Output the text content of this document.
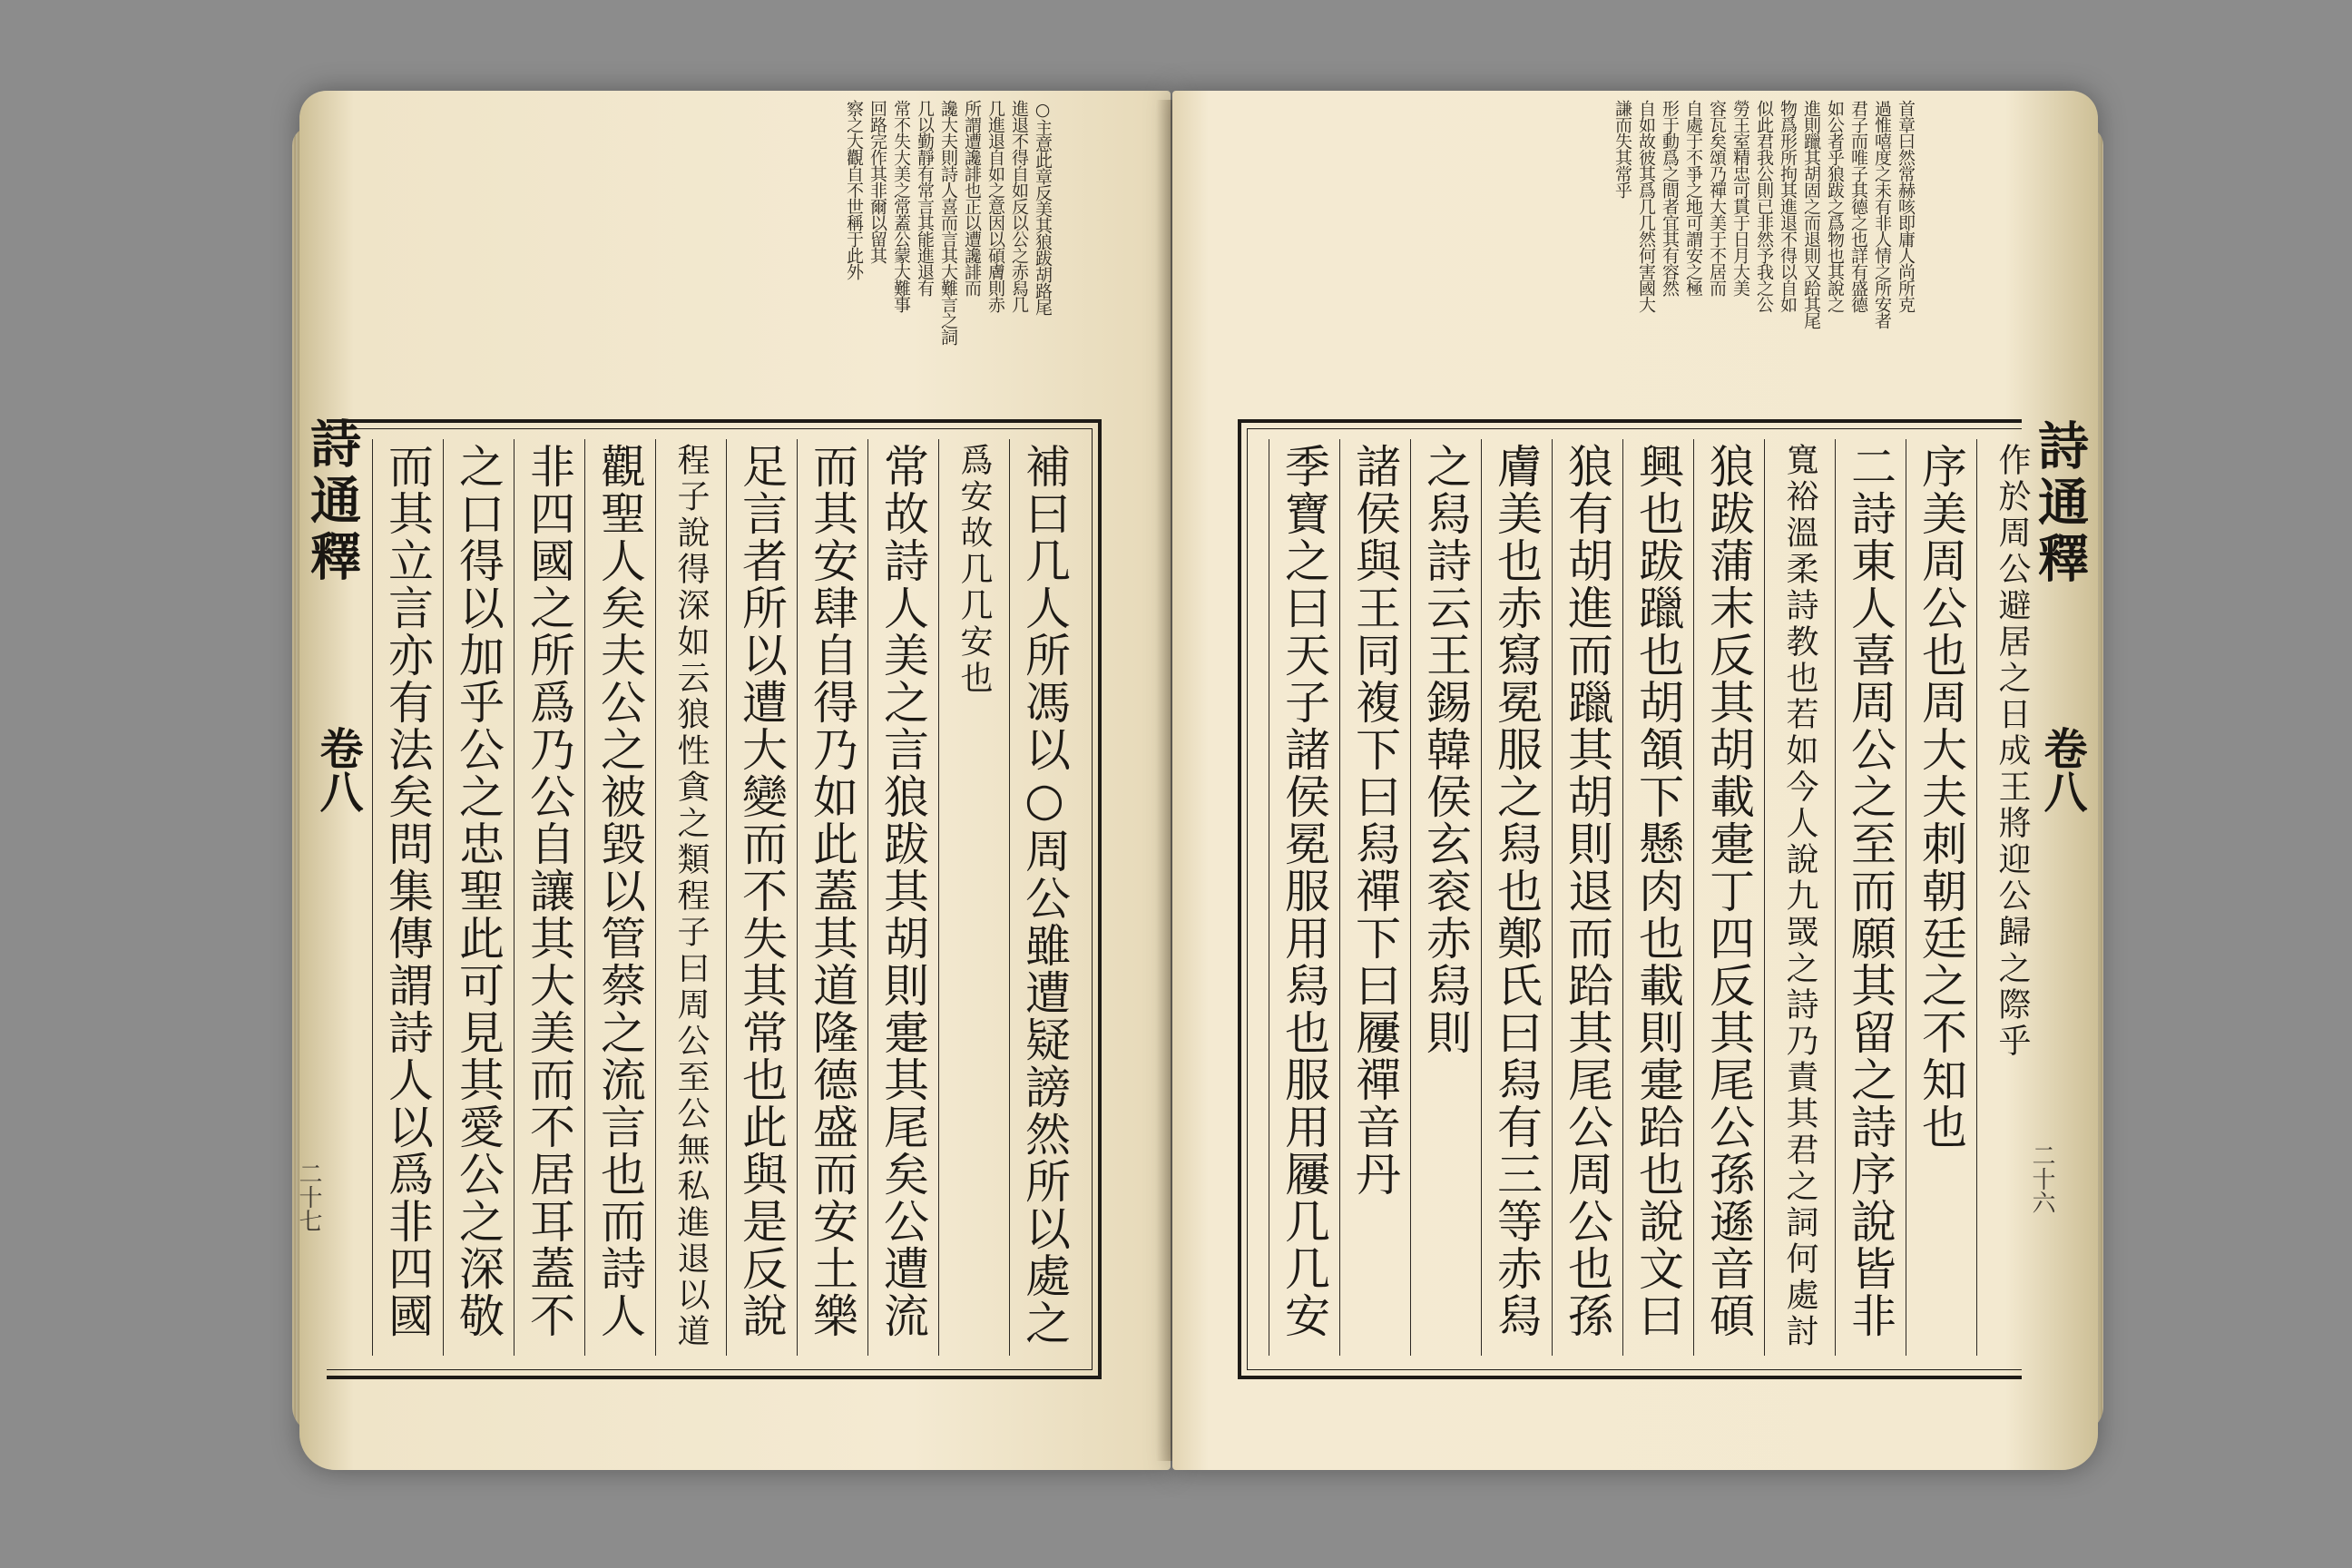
○主意此章反美其狼跋胡路尾
進退不得自如反以公之赤舄几
几進退自如之意因以碩膚則赤
所謂遭讒誹也正以遭讒誹而
讒大夫則詩人喜而言其大難言之詞
几以勤靜有常言其能進退有
常不失大美之常蓋公蒙大難事
回路完作其非爾以留其
察之大觀自不世稱于此外
詩通釋
卷八
二十七
補曰几人所馮以○周公雖遭疑謗然所以處之
爲安故几几安也
常故詩人美之言狼跋其胡則疐其尾矣公遭流
而其安肆自得乃如此蓋其道隆德盛而安土樂
足言者所以遭大變而不失其常也此與是反說
程子說得深如云狼性貪之類程子曰周公至公無私進退以道
觀聖人矣夫公之被毀以管蔡之流言也而詩人
非四國之所爲乃公自讓其大美而不居耳蓋不
之口得以加乎公之忠聖此可見其愛公之深敬
而其立言亦有法矣問集傳謂詩人以爲非四國
首章曰然常赫咳即庸人尚所克
過惟嘻度之未有非人情之所安者
君子而唯子其德之也詳有盛德
如公者乎狼跋之爲物也其說之
進則躐其胡固之而退則又跲其尾
物爲形所拘其進退不得以自如
似此君我公則已非然予我之公
勞王室精忠可貫于日月大美
容瓦矣頌乃禪大美于不居而
自處于不爭之地可謂安之極
形于動爲之間者宜其有容然
自如故彼其爲几几然何害國大
謙而失其常乎
詩通釋
卷八
二十六
作於周公避居之日成王將迎公歸之際乎
序美周公也周大夫刺朝廷之不知也
二詩東人喜周公之至而願其留之詩序說皆非
寬裕溫柔詩教也若如今人說九罭之詩乃責其君之詞何處討
狼跋蒲末反其胡載疐丁四反其尾公孫遜音碩
興也跋躐也胡頷下懸肉也載則疐跲也說文曰
狼有胡進而躐其胡則退而跲其尾公周公也孫
膚美也赤寫冕服之舄也鄭氏曰舄有三等赤舄
之舄詩云王錫韓侯玄衮赤舄則
諸侯與王同複下曰舄禪下曰屨禪音丹
季寶之曰天子諸侯冕服用舄也服用屨几几安
